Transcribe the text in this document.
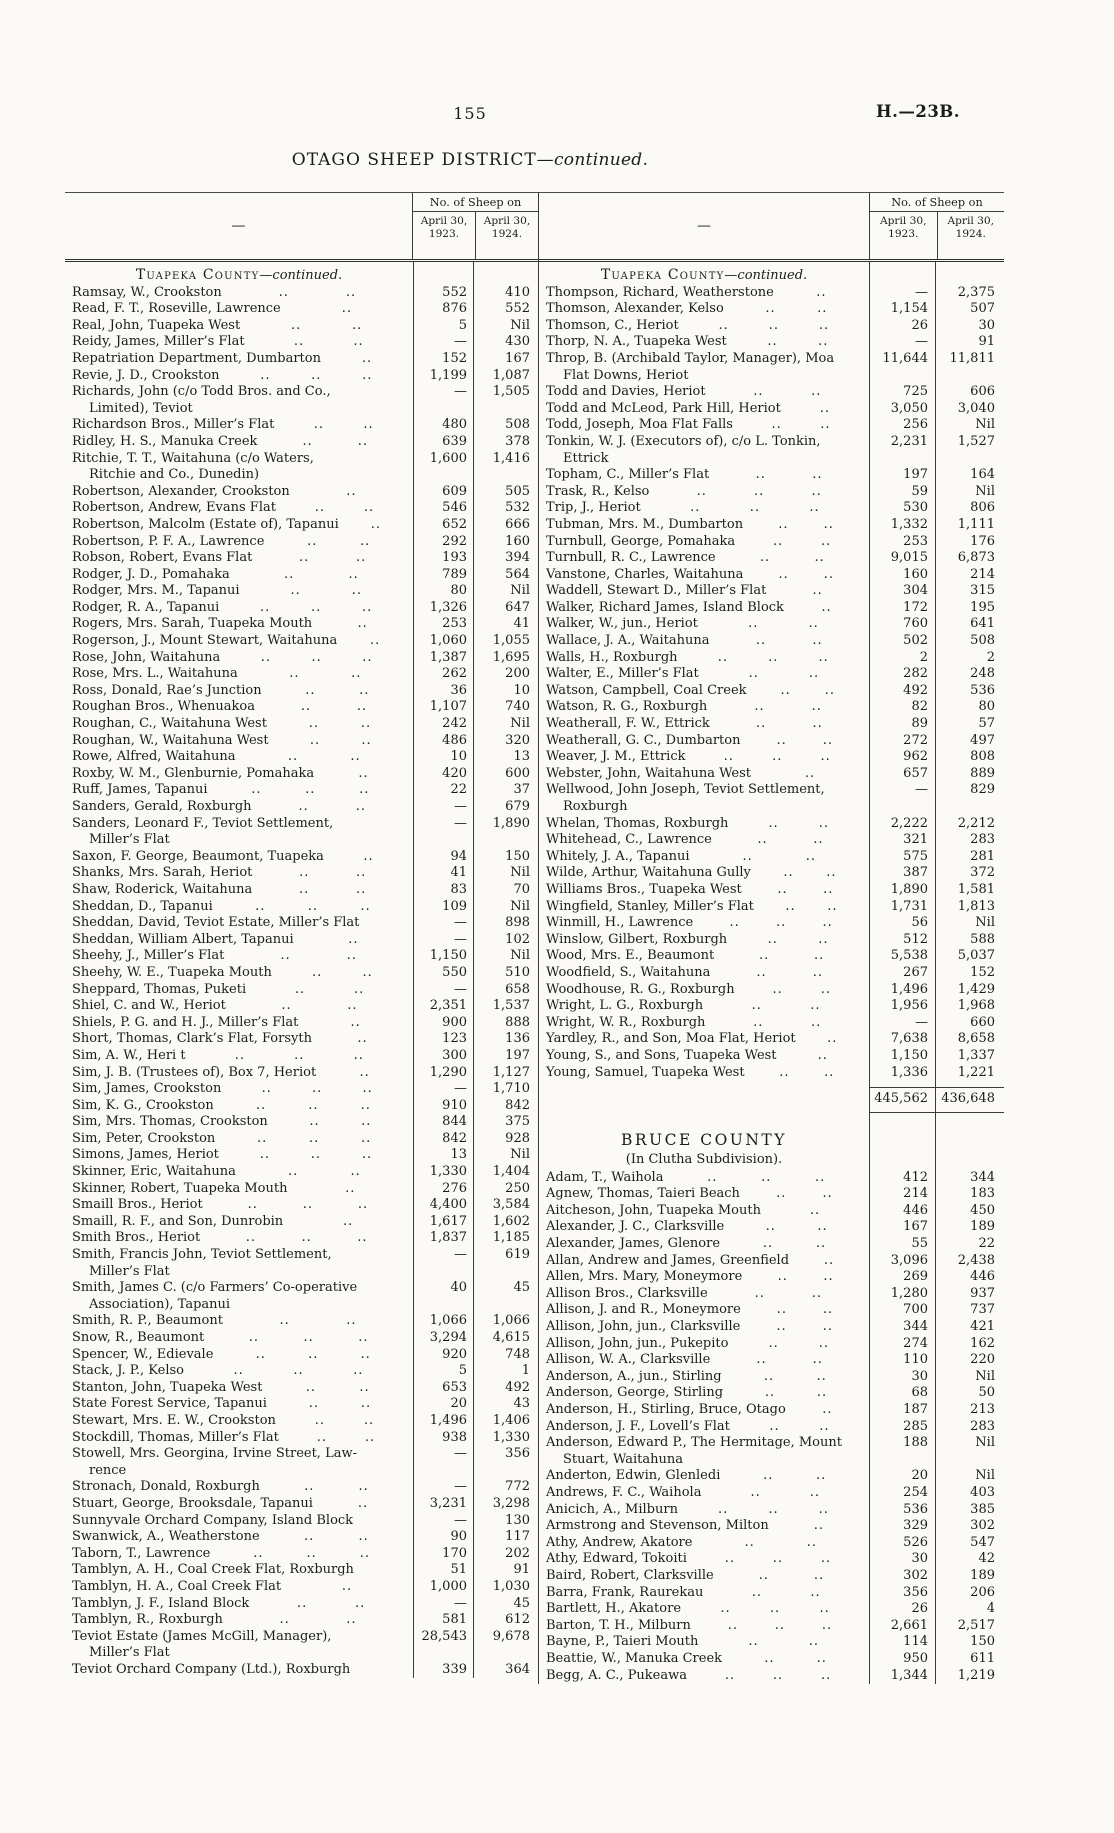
155	H.—23B.
OTAGO SHEEP DISTRICT—continued.
—
No. of Sheep on
April 30,
1923.
April 30,
1924.
Tuapeka County—continued.
Ramsay, W., Crookston	..	..	552	410
Read, F. T., Roseville, Lawrence	..	876	552
Real, John, Tuapeka West	..	..	5	Nil
Reidy, James, Miller’s Flat	..	..	—	430
Repatriation Department, Dumbarton	..	152	167
Revie, J. D., Crookston	..	..	..	1,199	1,087
Richards, John (c/o Todd Bros. and Co.,
Limited), Teviot
—	1,505
Richardson Bros., Miller’s Flat	..	..	480	508
Ridley, H. S., Manuka Creek	..	..	639	378
Ritchie, T. T., Waitahuna (c/o Waters,
Ritchie and Co., Dunedin)
1,600	1,416
Robertson, Alexander, Crookston	..	609	505
Robertson, Andrew, Evans Flat	..	..	546	532
Robertson, Malcolm (Estate of), Tapanui ..	652	666
Robertson, P. F. A., Lawrence	..	..	292	160
Robson, Robert, Evans Flat	..	..	193	394
Rodger, J. D., Pomahaka	..	..	789	564
Rodger, Mrs. M., Tapanui	..	..	80	Nil
Rodger, R. A., Tapanui	..	..	..	1,326	647
Rogers, Mrs. Sarah, Tuapeka Mouth	..	253	41
Rogerson, J., Mount Stewart, Waitahuna	..	1,060	1,055
Rose, John, Waitahuna	..	..	..	1,387	1,695
Rose, Mrs. L., Waitahuna	..	..	262	200
Ross, Donald, Rae’s Junction	..	..	36	10
Roughan Bros., Whenuakoa	..	..	1,107	740
Roughan, C., Waitahuna West	..	..	242	Nil
Roughan, W., Waitahuna West	..	..	486	320
Rowe, Alfred, Waitahuna	..	..	10	13
Roxby, W. M., Glenburnie, Pomahaka	..	420	600
Ruff, James, Tapanui	..	..	..	22	37
Sanders, Gerald, Roxburgh	..	..	—	679
Sanders, Leonard F., Teviot Settlement,
Miller’s Flat
—	1,890
Saxon, F. George, Beaumont, Tuapeka	..	94	150
Shanks, Mrs. Sarah, Heriot	..	..	41	Nil
Shaw, Roderick, Waitahuna	..	..	83	70
Sheddan, D., Tapanui	..	..	..	109	Nil
Sheddan, David, Teviot Estate, Miller’s Flat	—	898
Sheddan, William Albert, Tapanui	..	—	102
Sheehy, J., Miller’s Flat	..	..	1,150	Nil
Sheehy, W. E., Tuapeka Mouth	..	..	550	510
Sheppard, Thomas, Puketi	..	..	—	658
Shiel, C. and W., Heriot	..	..	2,351	1,537
Shiels, P. G. and H. J., Miller’s Flat	..	900	888
Short, Thomas, Clark’s Flat, Forsyth	..	123	136
Sim, A. W., Heri t	..	..	..	300	197
Sim, J. B. (Trustees of), Box 7, Heriot	..	1,290	1,127
Sim, James, Crookston	..	..	..	—	1,710
Sim, K. G., Crookston	..	..	..	910	842
Sim, Mrs. Thomas, Crookston	..	..	844	375
Sim, Peter, Crookston	..	..	..	842	928
Simons, James, Heriot	..	..	..	13	Nil
Skinner, Eric, Waitahuna	..	..	1,330	1,404
Skinner, Robert, Tuapeka Mouth	..	276	250
Smaill Bros., Heriot	..	..	..	4,400	3,584
Smaill, R. F., and Son, Dunrobin	..	1,617	1,602
Smith Bros., Heriot	..	..	..	1,837	1,185
Smith, Francis John, Teviot Settlement,
Miller’s Flat
—	619
Smith, James C. (c/o Farmers’ Co-operative
Association), Tapanui
40	45
Smith, R. P., Beaumont	..	..	1,066	1,066
Snow, R., Beaumont	..	..	..	3,294	4,615
Spencer, W., Edievale	..	..	..	920	748
Stack, J. P., Kelso	..	..	..	5	1
Stanton, John, Tuapeka West	..	..	653	492
State Forest Service, Tapanui	..	..	20	43
Stewart, Mrs. E. W., Crookston	..	..	1,496	1,406
Stockdill, Thomas, Miller’s Flat	..	..	938	1,330
Stowell, Mrs. Georgina, Irvine Street, Law-
rence
—	356
Stronach, Donald, Roxburgh	..	..	—	772
Stuart, George, Brooksdale, Tapanui	..	3,231	3,298
Sunnyvale Orchard Company, Island Block	—	130
Swanwick, A., Weatherstone	..	..	90	117
Taborn, T., Lawrence	..	..	..	170	202
Tamblyn, A. H., Coal Creek Flat, Roxburgh	51	91
Tamblyn, H. A., Coal Creek Flat	..	1,000	1,030
Tamblyn, J. F., Island Block	..	..	—	45
Tamblyn, R., Roxburgh	..	..	581	612
Teviot Estate (James McGill, Manager),
Miller’s Flat
28,543	9,678
Teviot Orchard Company (Ltd.), Roxburgh	339	364
—
No. of Sheep on
April 30,
1923.
April 30,
1924.
Tuapeka County—continued.
Thompson, Richard, Weatherstone	..	—	2,375
Thomson, Alexander, Kelso	..	..	1,154	507
Thomson, C., Heriot	..	..	..	26	30
Thorp, N. A., Tuapeka West	..	..	—	91
Throp, B. (Archibald Taylor, Manager), Moa
Flat Downs, Heriot
11,644	11,811
Todd and Davies, Heriot	..	..	725	606
Todd and McLeod, Park Hill, Heriot	..	3,050	3,040
Todd, Joseph, Moa Flat Falls	..	..	256	Nil
Tonkin, W. J. (Executors of), c/o L. Tonkin,
Ettrick
2,231	1,527
Topham, C., Miller’s Flat	..	..	197	164
Trask, R., Kelso	..	..	..	59	Nil
Trip, J., Heriot	..	..	..	530	806
Tubman, Mrs. M., Dumbarton	..	..	1,332	1,111
Turnbull, George, Pomahaka	..	..	253	176
Turnbull, R. C., Lawrence	..	..	9,015	6,873
Vanstone, Charles, Waitahuna	..	..	160	214
Waddell, Stewart D., Miller’s Flat	..	304	315
Walker, Richard James, Island Block	..	172	195
Walker, W., jun., Heriot	..	..	760	641
Wallace, J. A., Waitahuna	..	..	502	508
Walls, H., Roxburgh	..	..	..	2	2
Walter, E., Miller’s Flat	..	..	282	248
Watson, Campbell, Coal Creek	..	..	492	536
Watson, R. G., Roxburgh	..	..	82	80
Weatherall, F. W., Ettrick	..	..	89	57
Weatherall, G. C., Dumbarton	..	..	272	497
Weaver, J. M., Ettrick	..	..	..	962	808
Webster, John, Waitahuna West	..	657	889
Wellwood, John Joseph, Teviot Settlement,
Roxburgh
—	829
Whelan, Thomas, Roxburgh	..	..	2,222	2,212
Whitehead, C., Lawrence	..	..	321	283
Whitely, J. A., Tapanui	..	..	575	281
Wilde, Arthur, Waitahuna Gully	..	..	387	372
Williams Bros., Tuapeka West	..	..	1,890	1,581
Wingfield, Stanley, Miller’s Flat .. ..	1,731	1,813
Winmill, H., Lawrence	..	..	..	56	Nil
Winslow, Gilbert, Roxburgh	..	..	512	588
Wood, Mrs. E., Beaumont	..	..	5,538	5,037
Woodfield, S., Waitahuna	..	..	267	152
Woodhouse, R. G., Roxburgh	..	..	1,496	1,429
Wright, L. G., Roxburgh	..	..	1,956	1,968
Wright, W. R., Roxburgh	..	..	—	660
Yardley, R., and Son, Moa Flat, Heriot ..	7,638	8,658
Young, S., and Sons, Tuapeka West	..	1,150	1,337
Young, Samuel, Tuapeka West	..	..	1,336	1,221
445,562	436,648
BRUCE COUNTY
(In Clutha Subdivision).
Adam, T., Waihola	..	..	..	412	344
Agnew, Thomas, Taieri Beach	..	..	214	183
Aitcheson, John, Tuapeka Mouth	..	446	450
Alexander, J. C., Clarksville	..	..	167	189
Alexander, James, Glenore	..	..	55	22
Allan, Andrew and James, Greenfield	..	3,096	2,438
Allen, Mrs. Mary, Moneymore	..	..	269	446
Allison Bros., Clarksville	..	..	1,280	937
Allison, J. and R., Moneymore	..	..	700	737
Allison, John, jun., Clarksville	..	..	344	421
Allison, John, jun., Pukepito	..	..	274	162
Allison, W. A., Clarksville	..	..	110	220
Anderson, A., jun., Stirling	..	..	30	Nil
Anderson, George, Stirling	..	..	68	50
Anderson, H., Stirling, Bruce, Otago	..	187	213
Anderson, J. F., Lovell’s Flat	..	..	285	283
Anderson, Edward P., The Hermitage, Mount
Stuart, Waitahuna
188	Nil
Anderton, Edwin, Glenledi	..	..	20	Nil
Andrews, F. C., Waihola	..	..	254	403
Anicich, A., Milburn	..	..	..	536	385
Armstrong and Stevenson, Milton	..	329	302
Athy, Andrew, Akatore	..	..	526	547
Athy, Edward, Tokoiti	..	..	..	30	42
Baird, Robert, Clarksville	..	..	302	189
Barra, Frank, Raurekau	..	..	356	206
Bartlett, H., Akatore	..	..	..	26	4
Barton, T. H., Milburn	..	..	..	2,661	2,517
Bayne, P., Taieri Mouth	..	..	114	150
Beattie, W., Manuka Creek	..	..	950	611
Begg, A. C., Pukeawa	..	..	..	1,344	1,219
